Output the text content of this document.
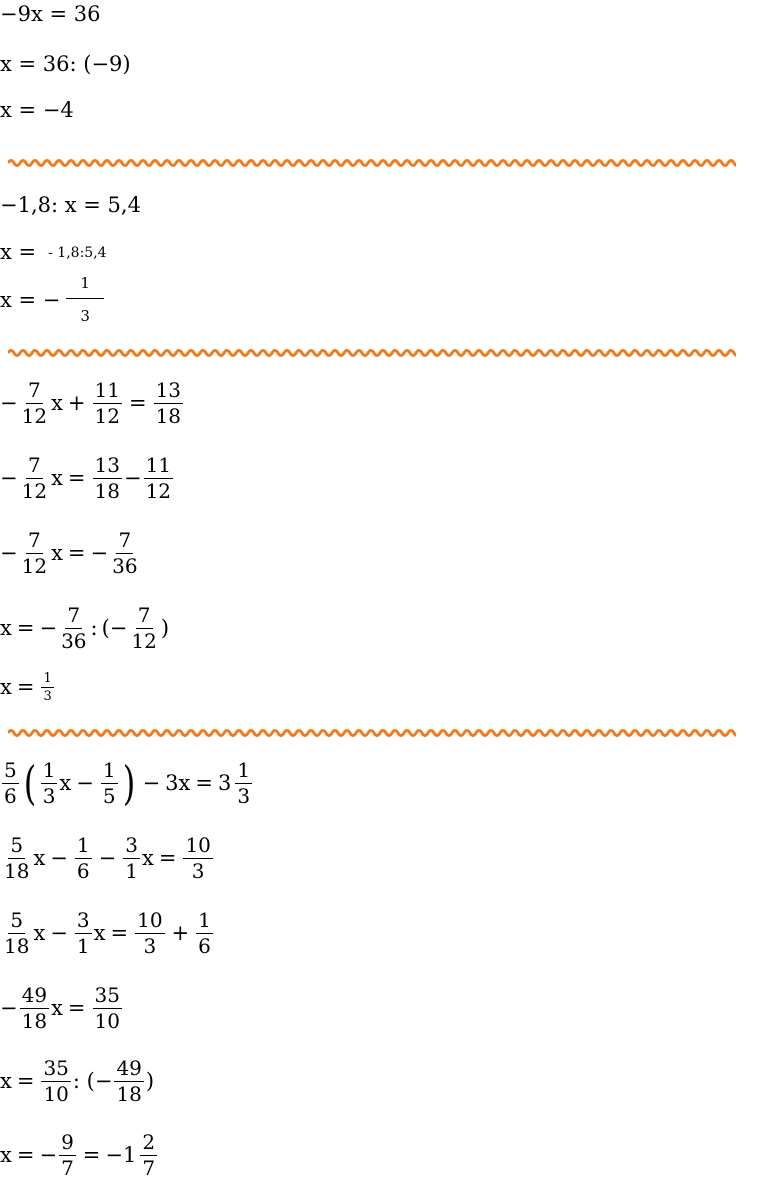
−9x = 36
x = 36: (−9)
x = −4
−1,8: x = 5,4
x = - 1,8:5,4
x = − $\frac{1}{3}$
− $\frac{7}{12}$ $x + \frac{11}{12} = \frac{13}{18}$
− $\frac{7}{12}$ $x = \frac{13}{18} - \frac{11}{12}$
− $\frac{7}{12}$ x = − $\frac{7}{36}$
x = − $\frac{7}{36}$ : ( − $\frac{7}{12}$ )
$x = \frac{1}{3}$
$\frac{5}{6}$ ( $\frac{1}{3}$ $x - \frac{1}{5}$ ) − $3x = 3 \frac{1}{3}$
$\frac{5}{18}$ $x - \frac{1}{6} - \frac{3}{1}$ $x = \frac{10}{3}$
$\frac{5}{18}$ $x - \frac{3}{1}$ $x = \frac{10}{3} + \frac{1}{6}$
− $\frac{49}{18}$ $x = \frac{35}{10}$
$x = \frac{35}{10}$ : (− $\frac{49}{18}$ )
x = − $\frac{9}{7} = -1 \frac{2}{7}$
